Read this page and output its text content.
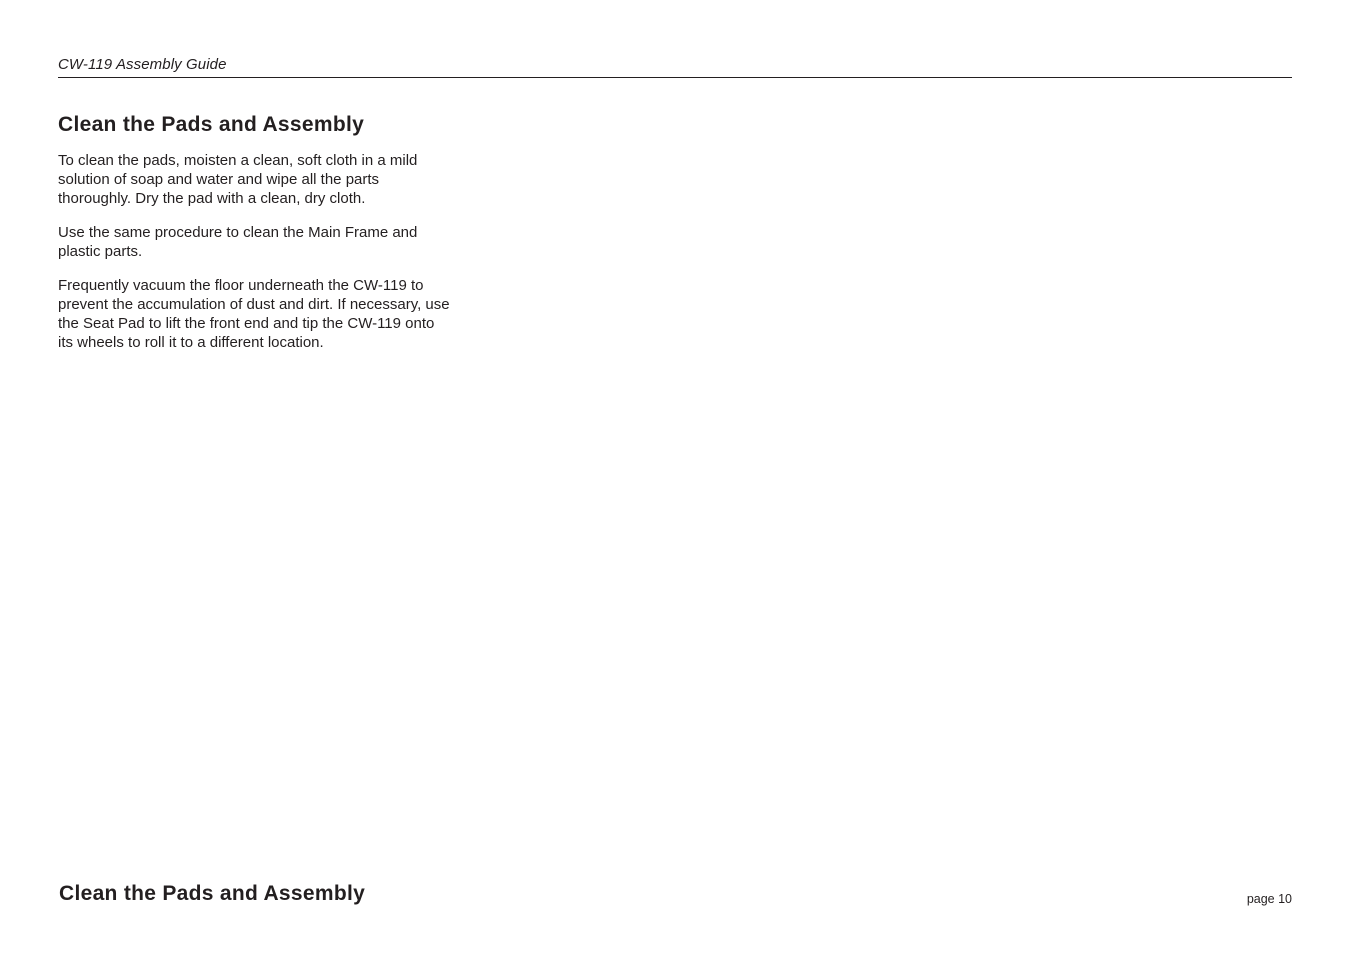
CW-119 Assembly Guide
Clean the Pads and Assembly

To clean the pads, moisten a clean, soft cloth in a mild solution of soap and water and wipe all the parts thoroughly. Dry the pad with a clean, dry cloth.

Use the same procedure to clean the Main Frame and plastic parts.

Frequently vacuum the floor underneath the CW-119 to prevent the accumulation of dust and dirt. If necessary, use the Seat Pad to lift the front end and tip the CW-119 onto its wheels to roll it to a different location.

Clean the Pads and Assembly	page 10
